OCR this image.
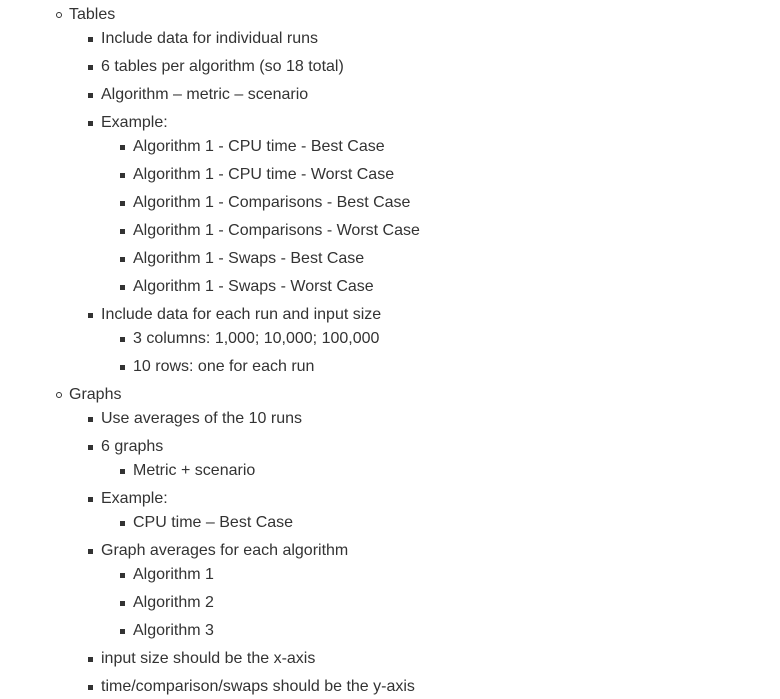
Tables
Include data for individual runs
6 tables per algorithm (so 18 total)
Algorithm – metric – scenario
Example:
Algorithm 1 - CPU time - Best Case
Algorithm 1 - CPU time - Worst Case
Algorithm 1 - Comparisons - Best Case
Algorithm 1 - Comparisons - Worst Case
Algorithm 1 - Swaps - Best Case
Algorithm 1 - Swaps - Worst Case
Include data for each run and input size
3 columns: 1,000; 10,000; 100,000
10 rows: one for each run
Graphs
Use averages of the 10 runs
6 graphs
Metric + scenario
Example:
CPU time – Best Case
Graph averages for each algorithm
Algorithm 1
Algorithm 2
Algorithm 3
input size should be the x-axis
time/comparison/swaps should be the y-axis
